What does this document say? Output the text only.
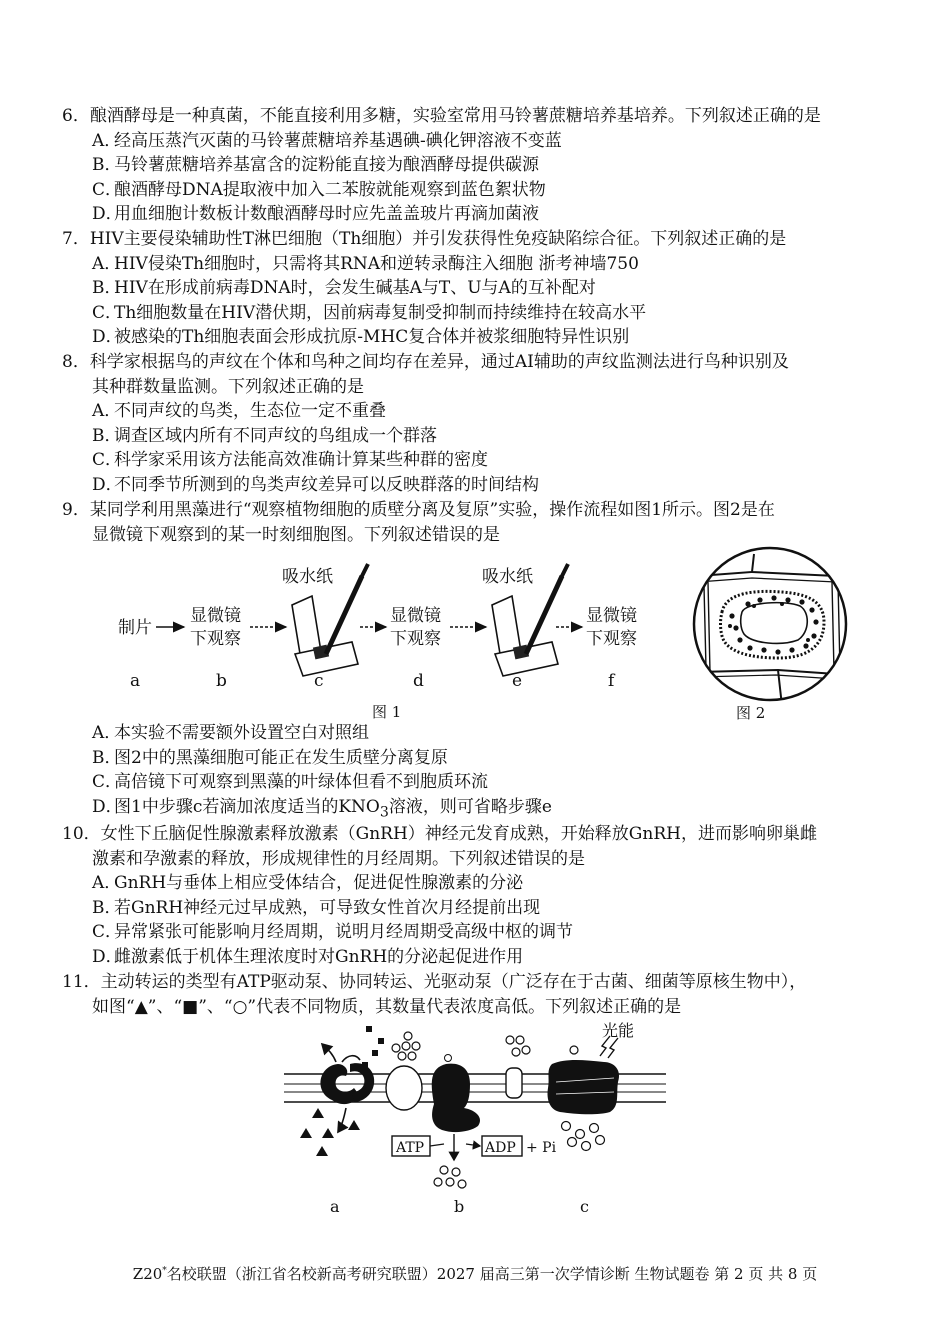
6．酿酒酵母是一种真菌，不能直接利用多糖，实验室常用马铃薯蔗糖培养基培养。下列叙述正确的是

A．经高压蒸汽灭菌的马铃薯蔗糖培养基遇碘-碘化钾溶液不变蓝

B．马铃薯蔗糖培养基富含的淀粉能直接为酿酒酵母提供碳源

C．酿酒酵母DNA提取液中加入二苯胺就能观察到蓝色絮状物

D．用血细胞计数板计数酿酒酵母时应先盖盖玻片再滴加菌液

7．HIV主要侵染辅助性T淋巴细胞（Th细胞）并引发获得性免疫缺陷综合征。下列叙述正确的是

A．HIV侵染Th细胞时，只需将其RNA和逆转录酶注入细胞 浙考神墙750

B．HIV在形成前病毒DNA时，会发生碱基A与T、U与A的互补配对

C．Th细胞数量在HIV潜伏期，因前病毒复制受抑制而持续维持在较高水平

D．被感染的Th细胞表面会形成抗原-MHC复合体并被浆细胞特异性识别

8．科学家根据鸟的声纹在个体和鸟种之间均存在差异，通过AI辅助的声纹监测法进行鸟种识别及

其种群数量监测。下列叙述正确的是

A．不同声纹的鸟类，生态位一定不重叠

B．调查区域内所有不同声纹的鸟组成一个群落

C．科学家采用该方法能高效准确计算某些种群的密度

D．不同季节所测到的鸟类声纹差异可以反映群落的时间结构

9．某同学利用黑藻进行“观察植物细胞的质壁分离及复原”实验，操作流程如图1所示。图2是在

显微镜下观察到的某一时刻细胞图。下列叙述错误的是

制片
显微镜
下观察
吸水纸
显微镜
下观察
吸水纸
显微镜
下观察
a	b	c	d	e	f
图 1	图 2

A．本实验不需要额外设置空白对照组

B．图2中的黑藻细胞可能正在发生质壁分离复原

C．高倍镜下可观察到黑藻的叶绿体但看不到胞质环流

D．图1中步骤c若滴加浓度适当的$KNO_3$溶液，则可省略步骤e

10．女性下丘脑促性腺激素释放激素（GnRH）神经元发育成熟，开始释放GnRH，进而影响卵巢雌

激素和孕激素的释放，形成规律性的月经周期。下列叙述错误的是

A．GnRH与垂体上相应受体结合，促进促性腺激素的分泌

B．若GnRH神经元过早成熟，可导致女性首次月经提前出现

C．异常紧张可能影响月经周期，说明月经周期受高级中枢的调节

D．雌激素低于机体生理浓度时对GnRH的分泌起促进作用

11．主动转运的类型有ATP驱动泵、协同转运、光驱动泵（广泛存在于古菌、细菌等原核生物中），

如图“▲”、“■”、“○”代表不同物质，其数量代表浓度高低。下列叙述正确的是

ATP	ADP + Pi
光能
a	b	c
Z20*名校联盟（浙江省名校新高考研究联盟）2027 届高三第一次学情诊断 生物试题卷 第 2 页 共 8 页
